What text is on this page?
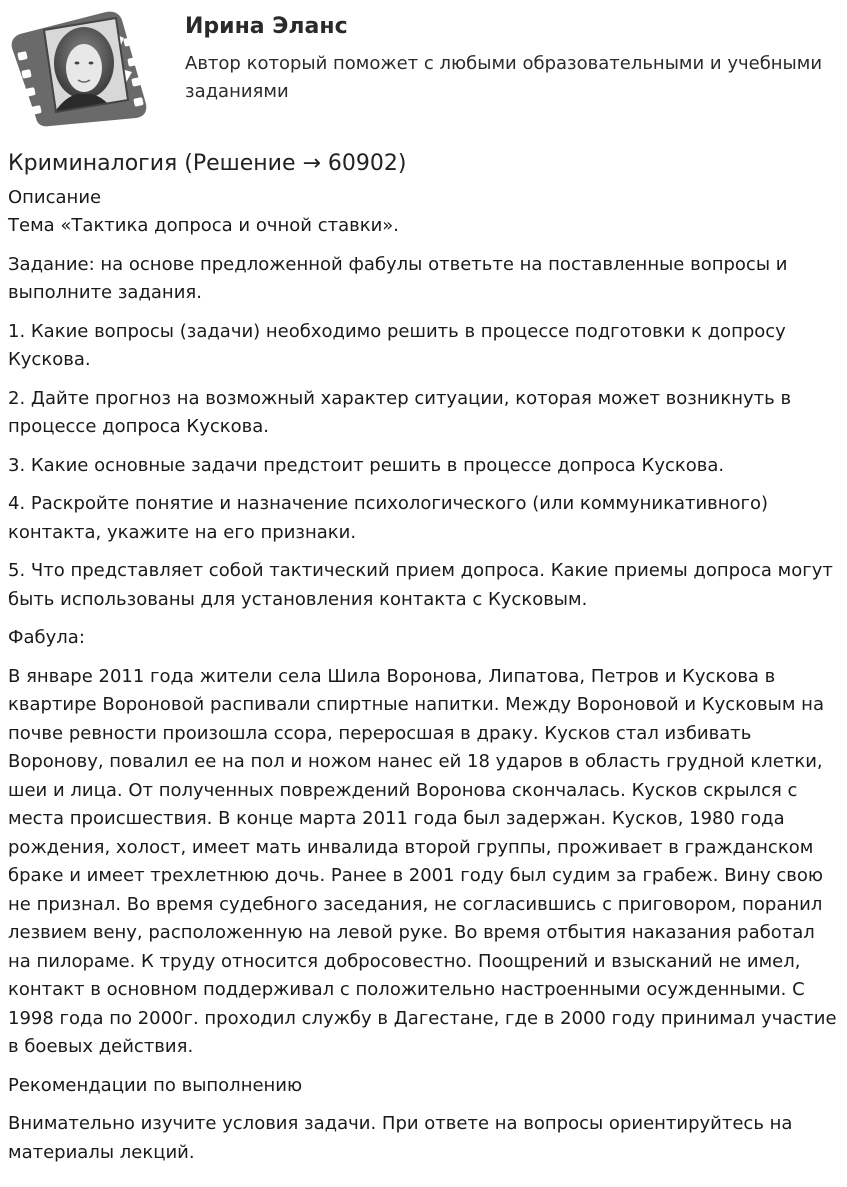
Ирина Эланс
Автор который поможет с любыми образовательными и учебными заданиями
Криминалогия (Решение → 60902)

Описание

Тема «Тактика допроса и очной ставки».

Задание: на основе предложенной фабулы ответьте на поставленные вопросы и выполните задания.

1. Какие вопросы (задачи) необходимо решить в процессе подготовки к допросу Кускова.

2. Дайте прогноз на возможный характер ситуации, которая может возникнуть в процессе допроса Кускова.

3. Какие основные задачи предстоит решить в процессе допроса Кускова.

4. Раскройте понятие и назначение психологического (или коммуникативного) контакта, укажите на его признаки.

5. Что представляет собой тактический прием допроса. Какие приемы допроса могут быть использованы для установления контакта с Кусковым.

Фабула:

В январе 2011 года жители села Шила Воронова, Липатова, Петров и Кускова в квартире Вороновой распивали спиртные напитки. Между Вороновой и Кусковым на почве ревности произошла ссора, переросшая в драку. Кусков стал избивать Воронову, повалил ее на пол и ножом нанес ей 18 ударов в область грудной клетки, шеи и лица. От полученных повреждений Воронова скончалась. Кусков скрылся с места происшествия. В конце марта 2011 года был задержан. Кусков, 1980 года рождения, холост, имеет мать инвалида второй группы, проживает в гражданском браке и имеет трехлетнюю дочь. Ранее в 2001 году был судим за грабеж. Вину свою не признал. Во время судебного заседания, не согласившись с приговором, поранил лезвием вену, расположенную на левой руке. Во время отбытия наказания работал на пилораме. К труду относится добросовестно. Поощрений и взысканий не имел, контакт в основном поддерживал с положительно настроенными осужденными. С 1998 года по 2000г. проходил службу в Дагестане, где в 2000 году принимал участие в боевых действия.

Рекомендации по выполнению

Внимательно изучите условия задачи. При ответе на вопросы ориентируйтесь на материалы лекций.
